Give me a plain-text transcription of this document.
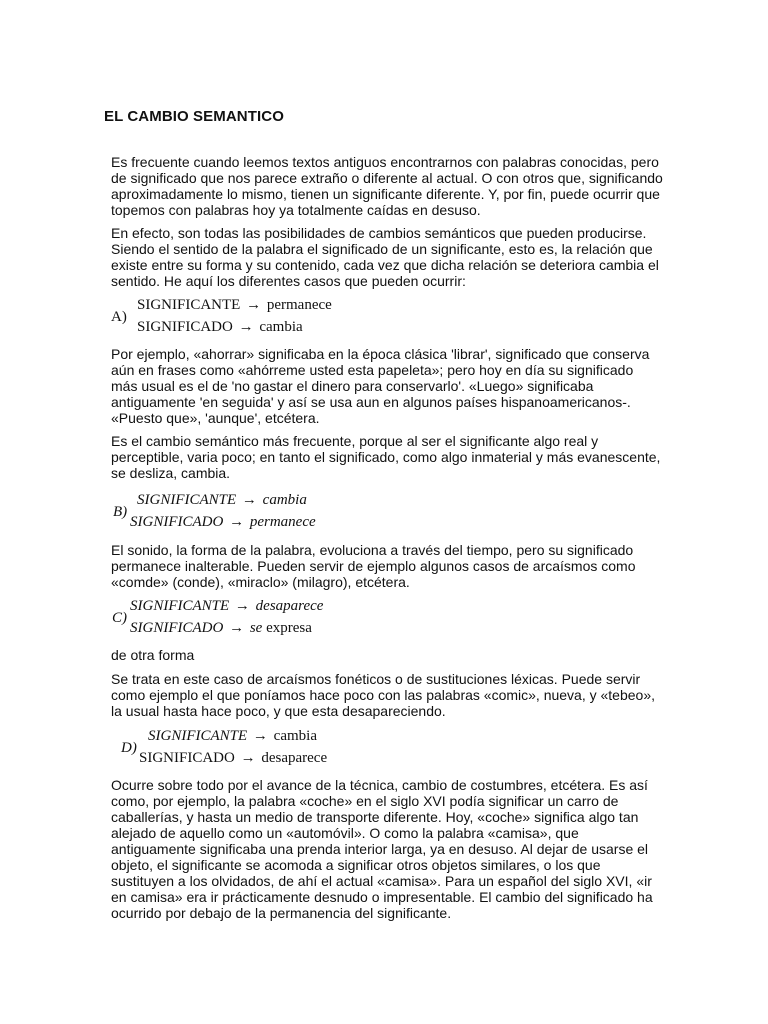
EL CAMBIO SEMANTICO

Es frecuente cuando leemos textos antiguos encontrarnos con palabras conocidas, pero
de significado que nos parece extraño o diferente al actual. O con otros que, significando
aproximadamente lo mismo, tienen un significante diferente. Y, por fin, puede ocurrir que
topemos con palabras hoy ya totalmente caídas en desuso.

En efecto, son todas las posibilidades de cambios semánticos que pueden producirse.
Siendo el sentido de la palabra el significado de un significante, esto es, la relación que
existe entre su forma y su contenido, cada vez que dicha relación se deteriora cambia el
sentido. He aquí los diferentes casos que pueden ocurrir:

A)
SIGNIFICANTE → permanece
SIGNIFICADO → cambia

Por ejemplo, «ahorrar» significaba en la época clásica 'librar', significado que conserva
aún en frases como «ahórreme usted esta papeleta»; pero hoy en día su significado
más usual es el de 'no gastar el dinero para conservarlo'. «Luego» significaba
antiguamente 'en seguida' y así se usa aun en algunos países hispanoamericanos-.
«Puesto que», 'aunque', etcétera.

Es el cambio semántico más frecuente, porque al ser el significante algo real y
perceptible, varia poco; en tanto el significado, como algo inmaterial y más evanescente,
se desliza, cambia.

B)
SIGNIFICANTE → cambia
SIGNIFICADO → permanece

El sonido, la forma de la palabra, evoluciona a través del tiempo, pero su significado
permanece inalterable. Pueden servir de ejemplo algunos casos de arcaísmos como
«comde» (conde), «miraclo» (milagro), etcétera.

C)
SIGNIFICANTE → desaparece
SIGNIFICADO → se expresa

de otra forma

Se trata en este caso de arcaísmos fonéticos o de sustituciones léxicas. Puede servir
como ejemplo el que poníamos hace poco con las palabras «comic», nueva, y «tebeo»,
la usual hasta hace poco, y que esta desapareciendo.

D)
SIGNIFICANTE → cambia
SIGNIFICADO → desaparece

Ocurre sobre todo por el avance de la técnica, cambio de costumbres, etcétera. Es así
como, por ejemplo, la palabra «coche» en el siglo XVI podía significar un carro de
caballerías, y hasta un medio de transporte diferente. Hoy, «coche» significa algo tan
alejado de aquello como un «automóvil». O como la palabra «camisa», que
antiguamente significaba una prenda interior larga, ya en desuso. Al dejar de usarse el
objeto, el significante se acomoda a significar otros objetos similares, o los que
sustituyen a los olvidados, de ahí el actual «camisa». Para un español del siglo XVI, «ir
en camisa» era ir prácticamente desnudo o impresentable. El cambio del significado ha
ocurrido por debajo de la permanencia del significante.
